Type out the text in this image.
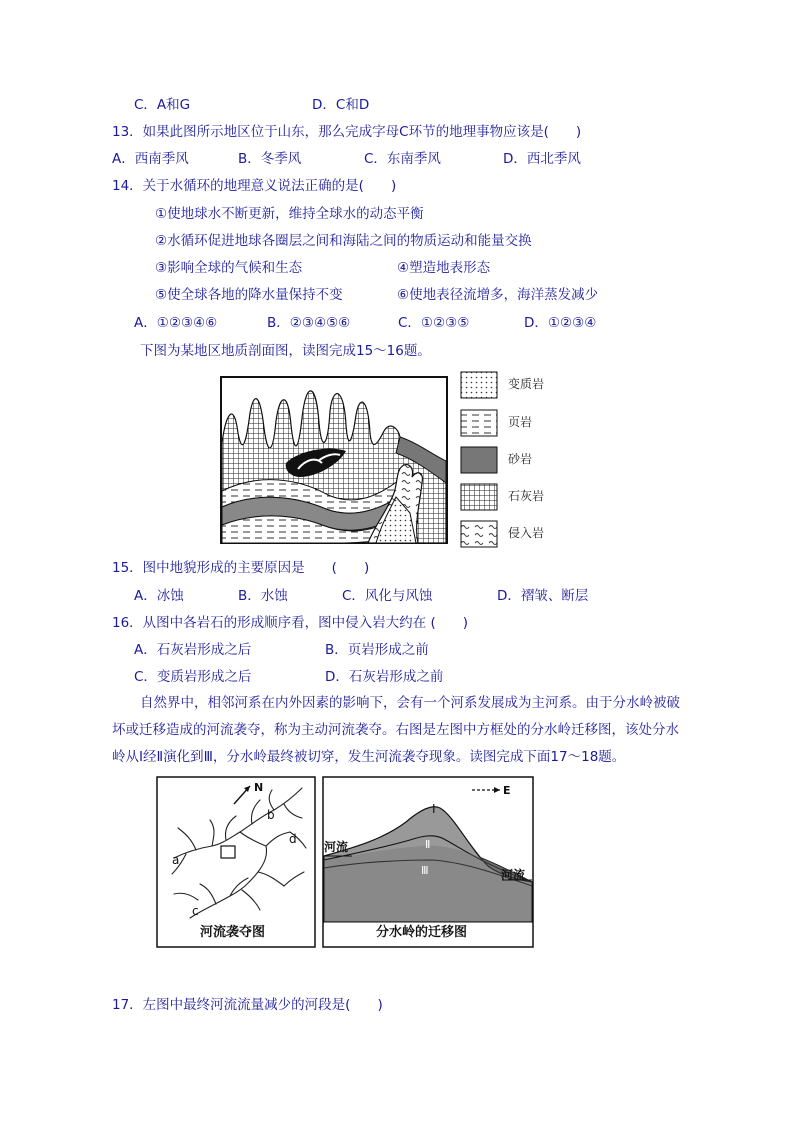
C．A和G	D．C和D
13．如果此图所示地区位于山东，那么完成字母C环节的地理事物应该是(　　)
A．西南季风	B．冬季风	C．东南季风	D．西北季风
14．关于水循环的地理意义说法正确的是(　　)
①使地球水不断更新，维持全球水的动态平衡
②水循环促进地球各圈层之间和海陆之间的物质运动和能量交换
③影响全球的气候和生态	④塑造地表形态
⑤使全球各地的降水量保持不变	⑥使地表径流增多，海洋蒸发减少
A．①②③④⑥	B．②③④⑤⑥	C．①②③⑤	D．①②③④
下图为某地区地质剖面图，读图完成15～16题。
变质岩
页岩
砂岩
石灰岩
侵入岩
15．图中地貌形成的主要原因是　　(　　)
A．冰蚀	B．水蚀	C．风化与风蚀	D．褶皱、断层
16．从图中各岩石的形成顺序看，图中侵入岩大约在 (　　)
A．石灰岩形成之后	B．页岩形成之前
C．变质岩形成之后	D．石灰岩形成之前
自然界中，相邻河系在内外因素的影响下，会有一个河系发展成为主河系。由于分水岭被破坏或迁移造成的河流袭夺，称为主动河流袭夺。右图是左图中方框处的分水岭迁移图，该处分水岭从Ⅰ经Ⅱ演化到Ⅲ，分水岭最终被切穿，发生河流袭夺现象。读图完成下面17～18题。
N
a
b
c
d
河流袭夺图
E
Ⅰ
Ⅱ
Ⅲ
河流
河流
分水岭的迁移图
17．左图中最终河流流量减少的河段是(　　)
